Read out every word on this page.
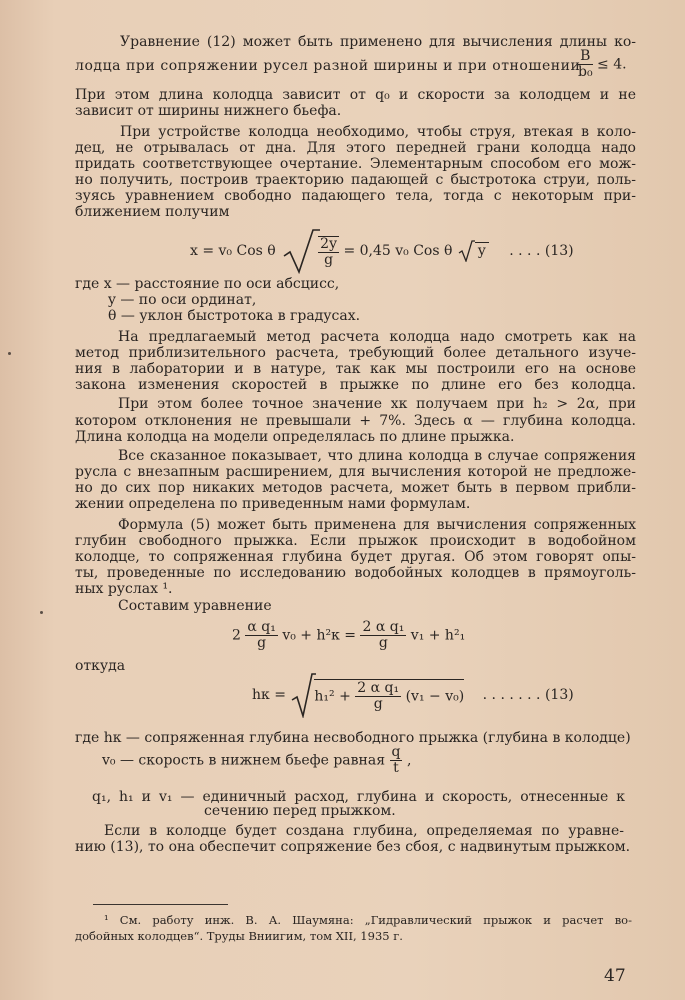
Уравнение (12) может быть применено для вычисления длины ко-
лодца при сопряжении русел разной ширины и при отношении
$\frac{B}{\text{b₀}} \le 4$.
При этом длина колодца зависит от q₀ и скорости за колодцем и не
зависит от ширины нижнего бьефа.
При устройстве колодца необходимо, чтобы струя, втекая в коло-
дец, не отрывалась от дна. Для этого передней грани колодца надо
придать соответствующее очертание. Элементарным способом его мож-
но получить, построив траекторию падающей с быстротока струи, поль-
зуясь уравнением свободно падающего тела, тогда с некоторым при-
ближением получим
x = v₀ Cos θ	$\frac{2y}{g} = 0,45$ v₀ Cos θ y . . . . (13)
где x — расстояние по оси абсцисс,
y — по оси ординат,
θ — уклон быстротока в градусах.
На предлагаемый метод расчета колодца надо смотреть как на
метод приблизительного расчета, требующий более детального изуче-
ния в лаборатории и в натуре, так как мы построили его на основе
закона изменения скоростей в прыжке по длине его без колодца.
При этом более точное значение xк получаем при h₂ > 2α, при
котором отклонения не превышали + 7%. Здесь α — глубина колодца.
Длина колодца на модели определялась по длине прыжка.
Все сказанное показывает, что длина колодца в случае сопряжения
русла с внезапным расширением, для вычисления которой не предложе-
но до сих пор никаких методов расчета, может быть в первом прибли-
жении определена по приведенным нами формулам.
Формула (5) может быть применена для вычисления сопряженных
глубин свободного прыжка. Если прыжок происходит в водобойном
колодце, то сопряженная глубина будет другая. Об этом говорят опы-
ты, проведенные по исследованию водобойных колодцев в прямоуголь-
ных руслах ¹.
Составим уравнение
$2 \frac{\text{α q₁}}{g} v_0 + h^2к = \frac{\text{2 α q₁}}{g} v_1 + h^2_1$
откуда
hк = $h_1^2 + \frac{\text{2 α q₁}}{g} (v_1 - v_0)$ . . . . . . . (13)
где hк — сопряженная глубина несвободного прыжка (глубина в колодце)
v₀ — скорость в нижнем бьефе равная $\frac{q}{t}$ ,
q₁, h₁ и v₁ — единичный расход, глубина и скорость, отнесенные к
сечению перед прыжком.
Если в колодце будет создана глубина, определяемая по уравне-
нию (13), то она обеспечит сопряжение без сбоя, с надвинутым прыжком.
¹ См. работу инж. В. А. Шаумяна: „Гидравлический прыжок и расчет во-
добойных колодцев“. Труды Вниигим, том XII, 1935 г.
47
